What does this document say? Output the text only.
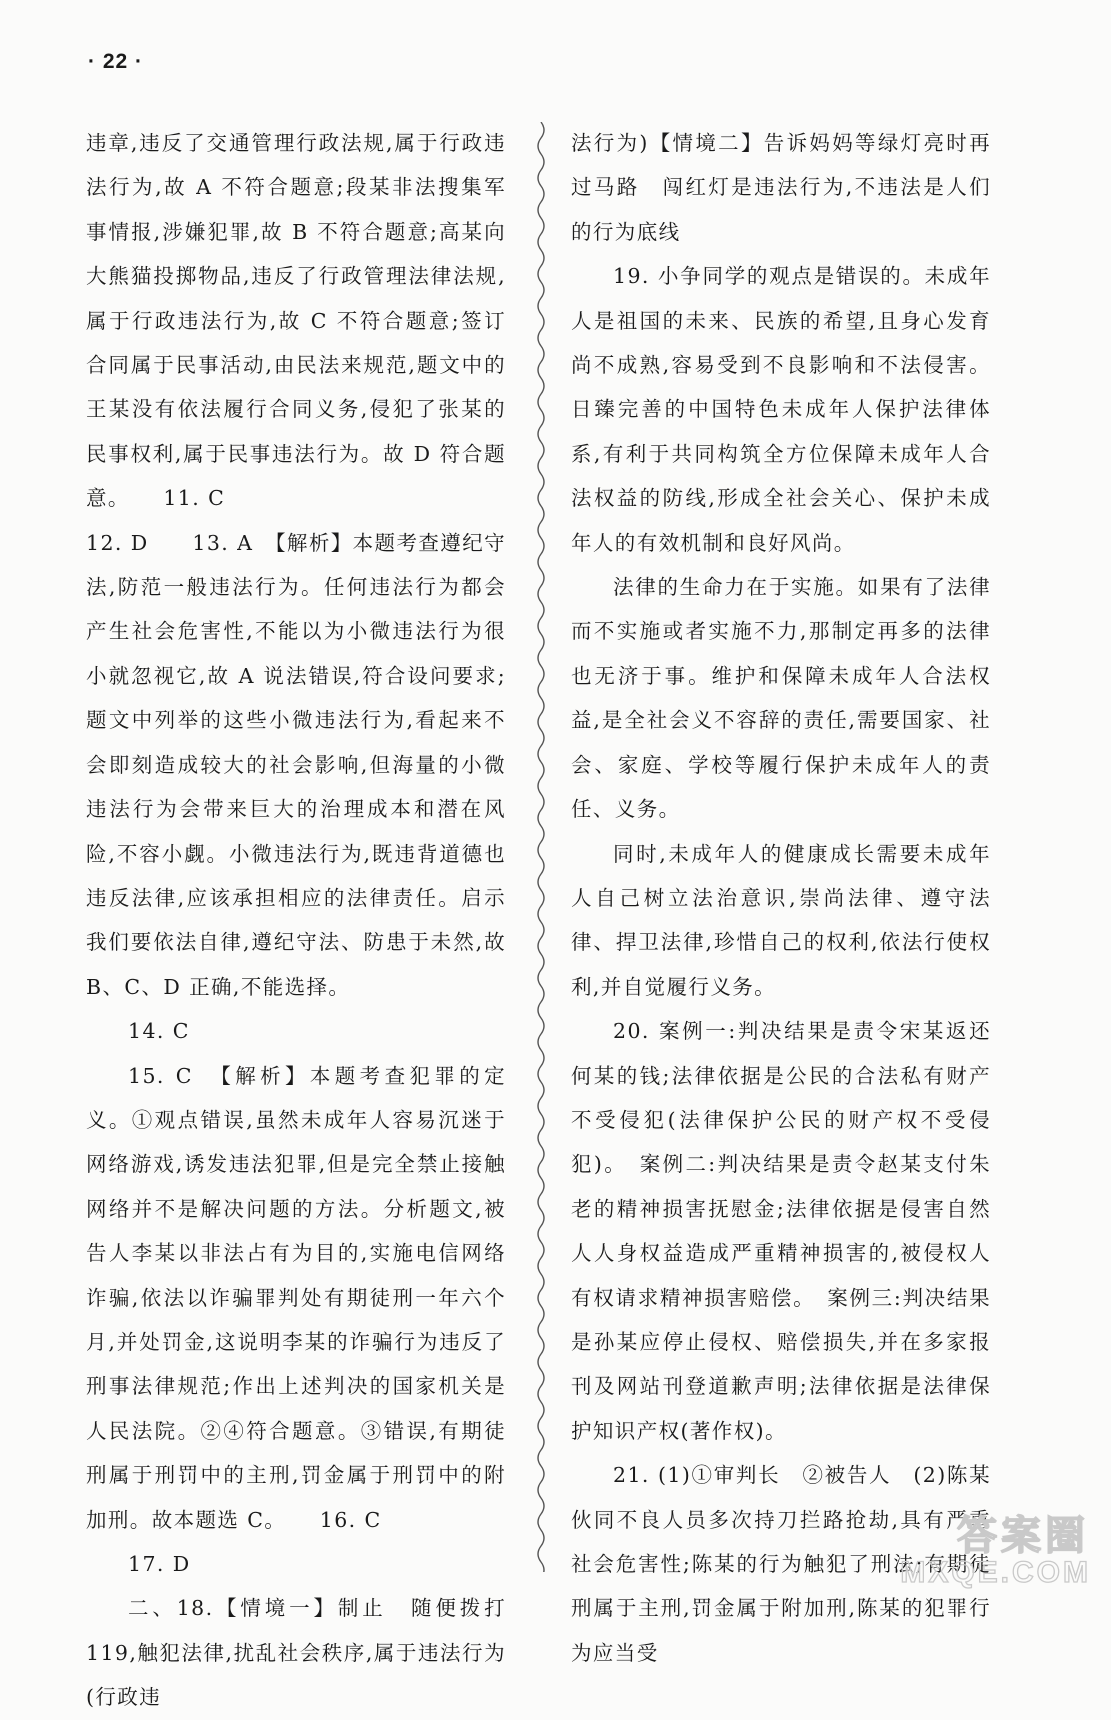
· 22 ·

违章,违反了交通管理行政法规,属于行政违法行为,故 A 不符合题意;段某非法搜集军事情报,涉嫌犯罪,故 B 不符合题意;高某向大熊猫投掷物品,违反了行政管理法律法规,属于行政违法行为,故 C 不符合题意;签订合同属于民事活动,由民法来规范,题文中的王某没有依法履行合同义务,侵犯了张某的民事权利,属于民事违法行为。故 D 符合题意。　　11. C

12. D　　13. A　【解析】本题考查遵纪守法,防范一般违法行为。任何违法行为都会产生社会危害性,不能以为小微违法行为很小就忽视它,故 A 说法错误,符合设问要求;题文中列举的这些小微违法行为,看起来不会即刻造成较大的社会影响,但海量的小微违法行为会带来巨大的治理成本和潜在风险,不容小觑。小微违法行为,既违背道德也违反法律,应该承担相应的法律责任。启示我们要依法自律,遵纪守法、防患于未然,故 B、C、D 正确,不能选择。

14. C

15. C　【解析】本题考查犯罪的定义。①观点错误,虽然未成年人容易沉迷于网络游戏,诱发违法犯罪,但是完全禁止接触网络并不是解决问题的方法。分析题文,被告人李某以非法占有为目的,实施电信网络诈骗,依法以诈骗罪判处有期徒刑一年六个月,并处罚金,这说明李某的诈骗行为违反了刑事法律规范;作出上述判决的国家机关是人民法院。②④符合题意。③错误,有期徒刑属于刑罚中的主刑,罚金属于刑罚中的附加刑。故本题选 C。　　16. C

17. D

二、18.【情境一】制止　随便拨打 119,触犯法律,扰乱社会秩序,属于违法行为(行政违

法行为)【情境二】告诉妈妈等绿灯亮时再过马路　闯红灯是违法行为,不违法是人们的行为底线

19. 小争同学的观点是错误的。未成年人是祖国的未来、民族的希望,且身心发育尚不成熟,容易受到不良影响和不法侵害。日臻完善的中国特色未成年人保护法律体系,有利于共同构筑全方位保障未成年人合法权益的防线,形成全社会关心、保护未成年人的有效机制和良好风尚。

法律的生命力在于实施。如果有了法律而不实施或者实施不力,那制定再多的法律也无济于事。维护和保障未成年人合法权益,是全社会义不容辞的责任,需要国家、社会、家庭、学校等履行保护未成年人的责任、义务。

同时,未成年人的健康成长需要未成年人自己树立法治意识,崇尚法律、遵守法律、捍卫法律,珍惜自己的权利,依法行使权利,并自觉履行义务。

20. 案例一:判决结果是责令宋某返还何某的钱;法律依据是公民的合法私有财产不受侵犯(法律保护公民的财产权不受侵犯)。　案例二:判决结果是责令赵某支付朱老的精神损害抚慰金;法律依据是侵害自然人人身权益造成严重精神损害的,被侵权人有权请求精神损害赔偿。　案例三:判决结果是孙某应停止侵权、赔偿损失,并在多家报刊及网站刊登道歉声明;法律依据是法律保护知识产权(著作权)。

21. (1)①审判长　②被告人　(2)陈某伙同不良人员多次持刀拦路抢劫,具有严重社会危害性;陈某的行为触犯了刑法;有期徒刑属于主刑,罚金属于附加刑,陈某的犯罪行为应当受

答案圈
MXQE.COM
